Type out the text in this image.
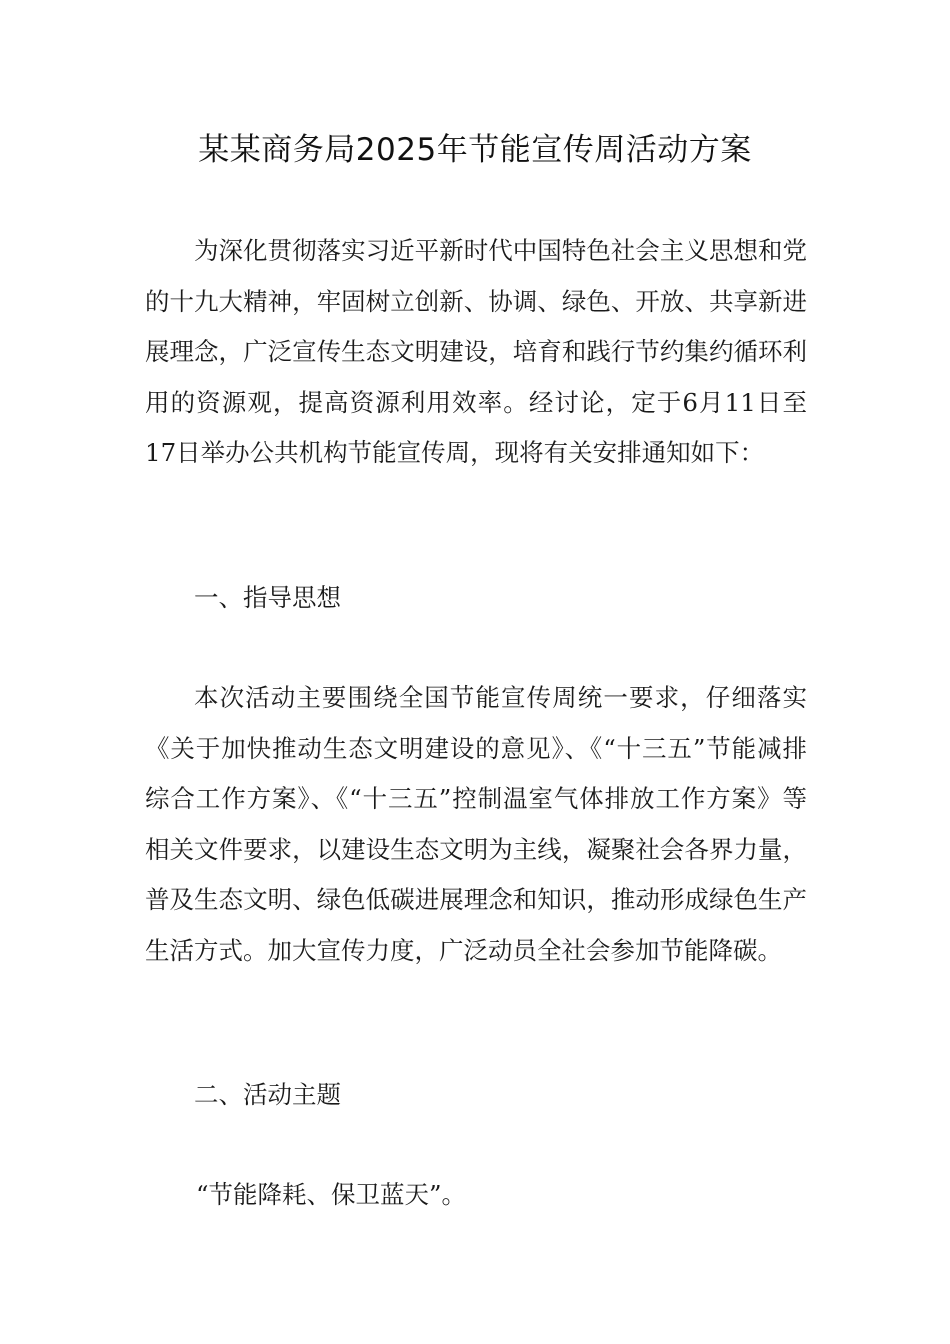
某某商务局2025年节能宣传周活动方案

为深化贯彻落实习近平新时代中国特色社会主义思想和党的十九大精神，牢固树立创新、协调、绿色、开放、共享新进展理念，广泛宣传生态文明建设，培育和践行节约集约循环利用的资源观，提高资源利用效率。经讨论，定于6月11日至17日举办公共机构节能宣传周，现将有关安排通知如下：

一、指导思想

本次活动主要围绕全国节能宣传周统一要求，仔细落实《关于加快推动生态文明建设的意见》、《“十三五”节能减排综合工作方案》、《“十三五”控制温室气体排放工作方案》等相关文件要求，以建设生态文明为主线，凝聚社会各界力量，普及生态文明、绿色低碳进展理念和知识，推动形成绿色生产生活方式。加大宣传力度，广泛动员全社会参加节能降碳。

二、活动主题
“节能降耗、保卫蓝天”。
